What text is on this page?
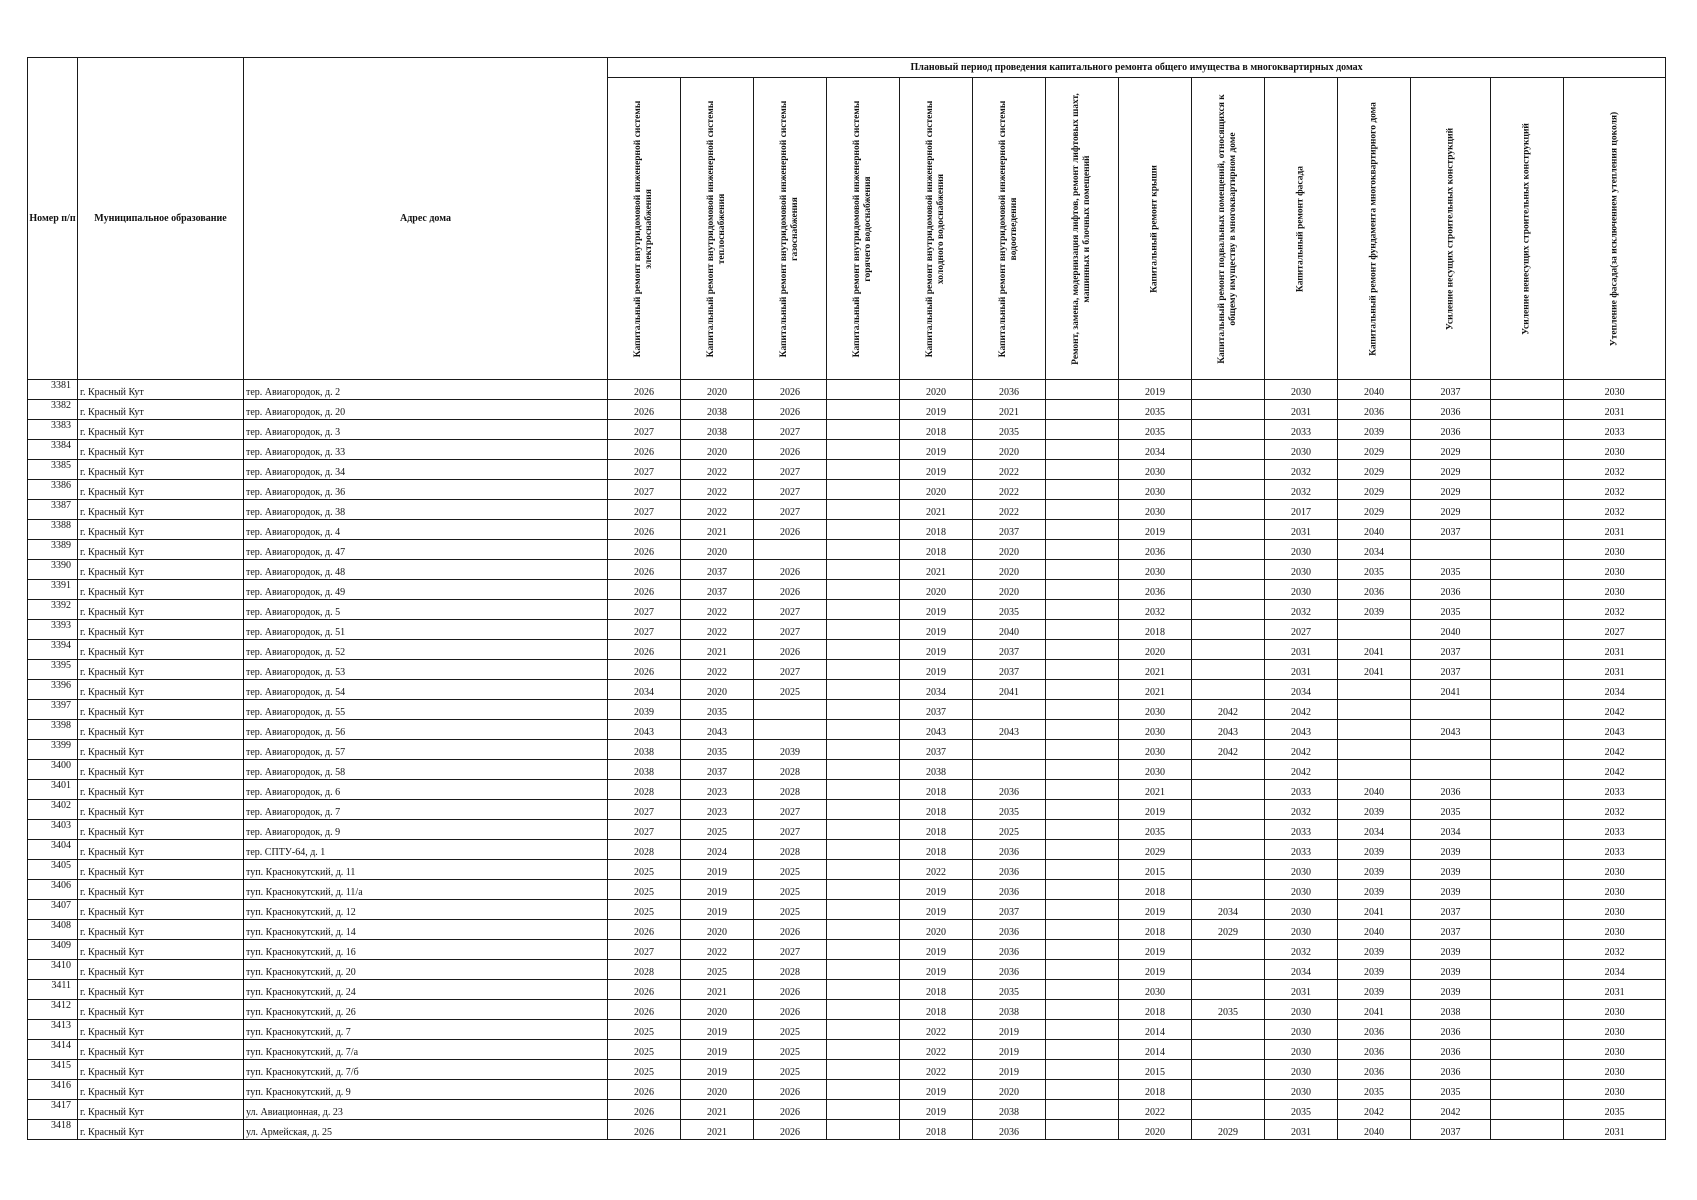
Номер п/п	Муниципальное образование	Адрес дома	Плановый период проведения капитального ремонта общего имущества в многоквартирных домах													

			Капитальный ремонт внутридомовой инженерной системы электроснабжения	Капитальный ремонт внутридомовой инженерной системы теплоснабжения	Капитальный ремонт внутридомовой инженерной системы газоснабжения	Капитальный ремонт внутридомовой инженерной системы горячего водоснабжения	Капитальный ремонт внутридомовой инженерной системы холодного водоснабжения	Капитальный ремонт внутридомовой инженерной системы водоотведения	Ремонт, замена, модернизация лифтов, ремонт лифтовых шахт, машинных и блочных помещений	Капитальный ремонт крыши	Капитальный ремонт подвальных помещений, относящихся к общему имуществу в многоквартирном доме	Капитальный ремонт фасада	Капитальный ремонт фундамента многоквартирного дома	Усиление несущих строительных конструкций	Усиление ненесущих строительных конструкций	Утепление фасада(за исключением утепления цоколя)

3381	г. Красный Кут	тер. Авиагородок, д. 2	2026	2020	2026		2020	2036		2019		2030	2040	2037		2030
3382	г. Красный Кут	тер. Авиагородок, д. 20	2026	2038	2026		2019	2021		2035		2031	2036	2036		2031
3383	г. Красный Кут	тер. Авиагородок, д. 3	2027	2038	2027		2018	2035		2035		2033	2039	2036		2033
3384	г. Красный Кут	тер. Авиагородок, д. 33	2026	2020	2026		2019	2020		2034		2030	2029	2029		2030
3385	г. Красный Кут	тер. Авиагородок, д. 34	2027	2022	2027		2019	2022		2030		2032	2029	2029		2032
3386	г. Красный Кут	тер. Авиагородок, д. 36	2027	2022	2027		2020	2022		2030		2032	2029	2029		2032
3387	г. Красный Кут	тер. Авиагородок, д. 38	2027	2022	2027		2021	2022		2030		2017	2029	2029		2032
3388	г. Красный Кут	тер. Авиагородок, д. 4	2026	2021	2026		2018	2037		2019		2031	2040	2037		2031
3389	г. Красный Кут	тер. Авиагородок, д. 47	2026	2020			2018	2020		2036		2030	2034			2030
3390	г. Красный Кут	тер. Авиагородок, д. 48	2026	2037	2026		2021	2020		2030		2030	2035	2035		2030
3391	г. Красный Кут	тер. Авиагородок, д. 49	2026	2037	2026		2020	2020		2036		2030	2036	2036		2030
3392	г. Красный Кут	тер. Авиагородок, д. 5	2027	2022	2027		2019	2035		2032		2032	2039	2035		2032
3393	г. Красный Кут	тер. Авиагородок, д. 51	2027	2022	2027		2019	2040		2018		2027		2040		2027
3394	г. Красный Кут	тер. Авиагородок, д. 52	2026	2021	2026		2019	2037		2020		2031	2041	2037		2031
3395	г. Красный Кут	тер. Авиагородок, д. 53	2026	2022	2027		2019	2037		2021		2031	2041	2037		2031
3396	г. Красный Кут	тер. Авиагородок, д. 54	2034	2020	2025		2034	2041		2021		2034		2041		2034
3397	г. Красный Кут	тер. Авиагородок, д. 55	2039	2035			2037			2030	2042	2042				2042
3398	г. Красный Кут	тер. Авиагородок, д. 56	2043	2043			2043	2043		2030	2043	2043		2043		2043
3399	г. Красный Кут	тер. Авиагородок, д. 57	2038	2035	2039		2037			2030	2042	2042				2042
3400	г. Красный Кут	тер. Авиагородок, д. 58	2038	2037	2028		2038			2030		2042				2042
3401	г. Красный Кут	тер. Авиагородок, д. 6	2028	2023	2028		2018	2036		2021		2033	2040	2036		2033
3402	г. Красный Кут	тер. Авиагородок, д. 7	2027	2023	2027		2018	2035		2019		2032	2039	2035		2032
3403	г. Красный Кут	тер. Авиагородок, д. 9	2027	2025	2027		2018	2025		2035		2033	2034	2034		2033
3404	г. Красный Кут	тер. СПТУ-64, д. 1	2028	2024	2028		2018	2036		2029		2033	2039	2039		2033
3405	г. Красный Кут	туп. Краснокутский, д. 11	2025	2019	2025		2022	2036		2015		2030	2039	2039		2030
3406	г. Красный Кут	туп. Краснокутский, д. 11/а	2025	2019	2025		2019	2036		2018		2030	2039	2039		2030
3407	г. Красный Кут	туп. Краснокутский, д. 12	2025	2019	2025		2019	2037		2019	2034	2030	2041	2037		2030
3408	г. Красный Кут	туп. Краснокутский, д. 14	2026	2020	2026		2020	2036		2018	2029	2030	2040	2037		2030
3409	г. Красный Кут	туп. Краснокутский, д. 16	2027	2022	2027		2019	2036		2019		2032	2039	2039		2032
3410	г. Красный Кут	туп. Краснокутский, д. 20	2028	2025	2028		2019	2036		2019		2034	2039	2039		2034
3411	г. Красный Кут	туп. Краснокутский, д. 24	2026	2021	2026		2018	2035		2030		2031	2039	2039		2031
3412	г. Красный Кут	туп. Краснокутский, д. 26	2026	2020	2026		2018	2038		2018	2035	2030	2041	2038		2030
3413	г. Красный Кут	туп. Краснокутский, д. 7	2025	2019	2025		2022	2019		2014		2030	2036	2036		2030
3414	г. Красный Кут	туп. Краснокутский, д. 7/а	2025	2019	2025		2022	2019		2014		2030	2036	2036		2030
3415	г. Красный Кут	туп. Краснокутский, д. 7/б	2025	2019	2025		2022	2019		2015		2030	2036	2036		2030
3416	г. Красный Кут	туп. Краснокутский, д. 9	2026	2020	2026		2019	2020		2018		2030	2035	2035		2030
3417	г. Красный Кут	ул. Авиационная, д. 23	2026	2021	2026		2019	2038		2022		2035	2042	2042		2035
3418	г. Красный Кут	ул. Армейская, д. 25	2026	2021	2026		2018	2036		2020	2029	2031	2040	2037		2031
